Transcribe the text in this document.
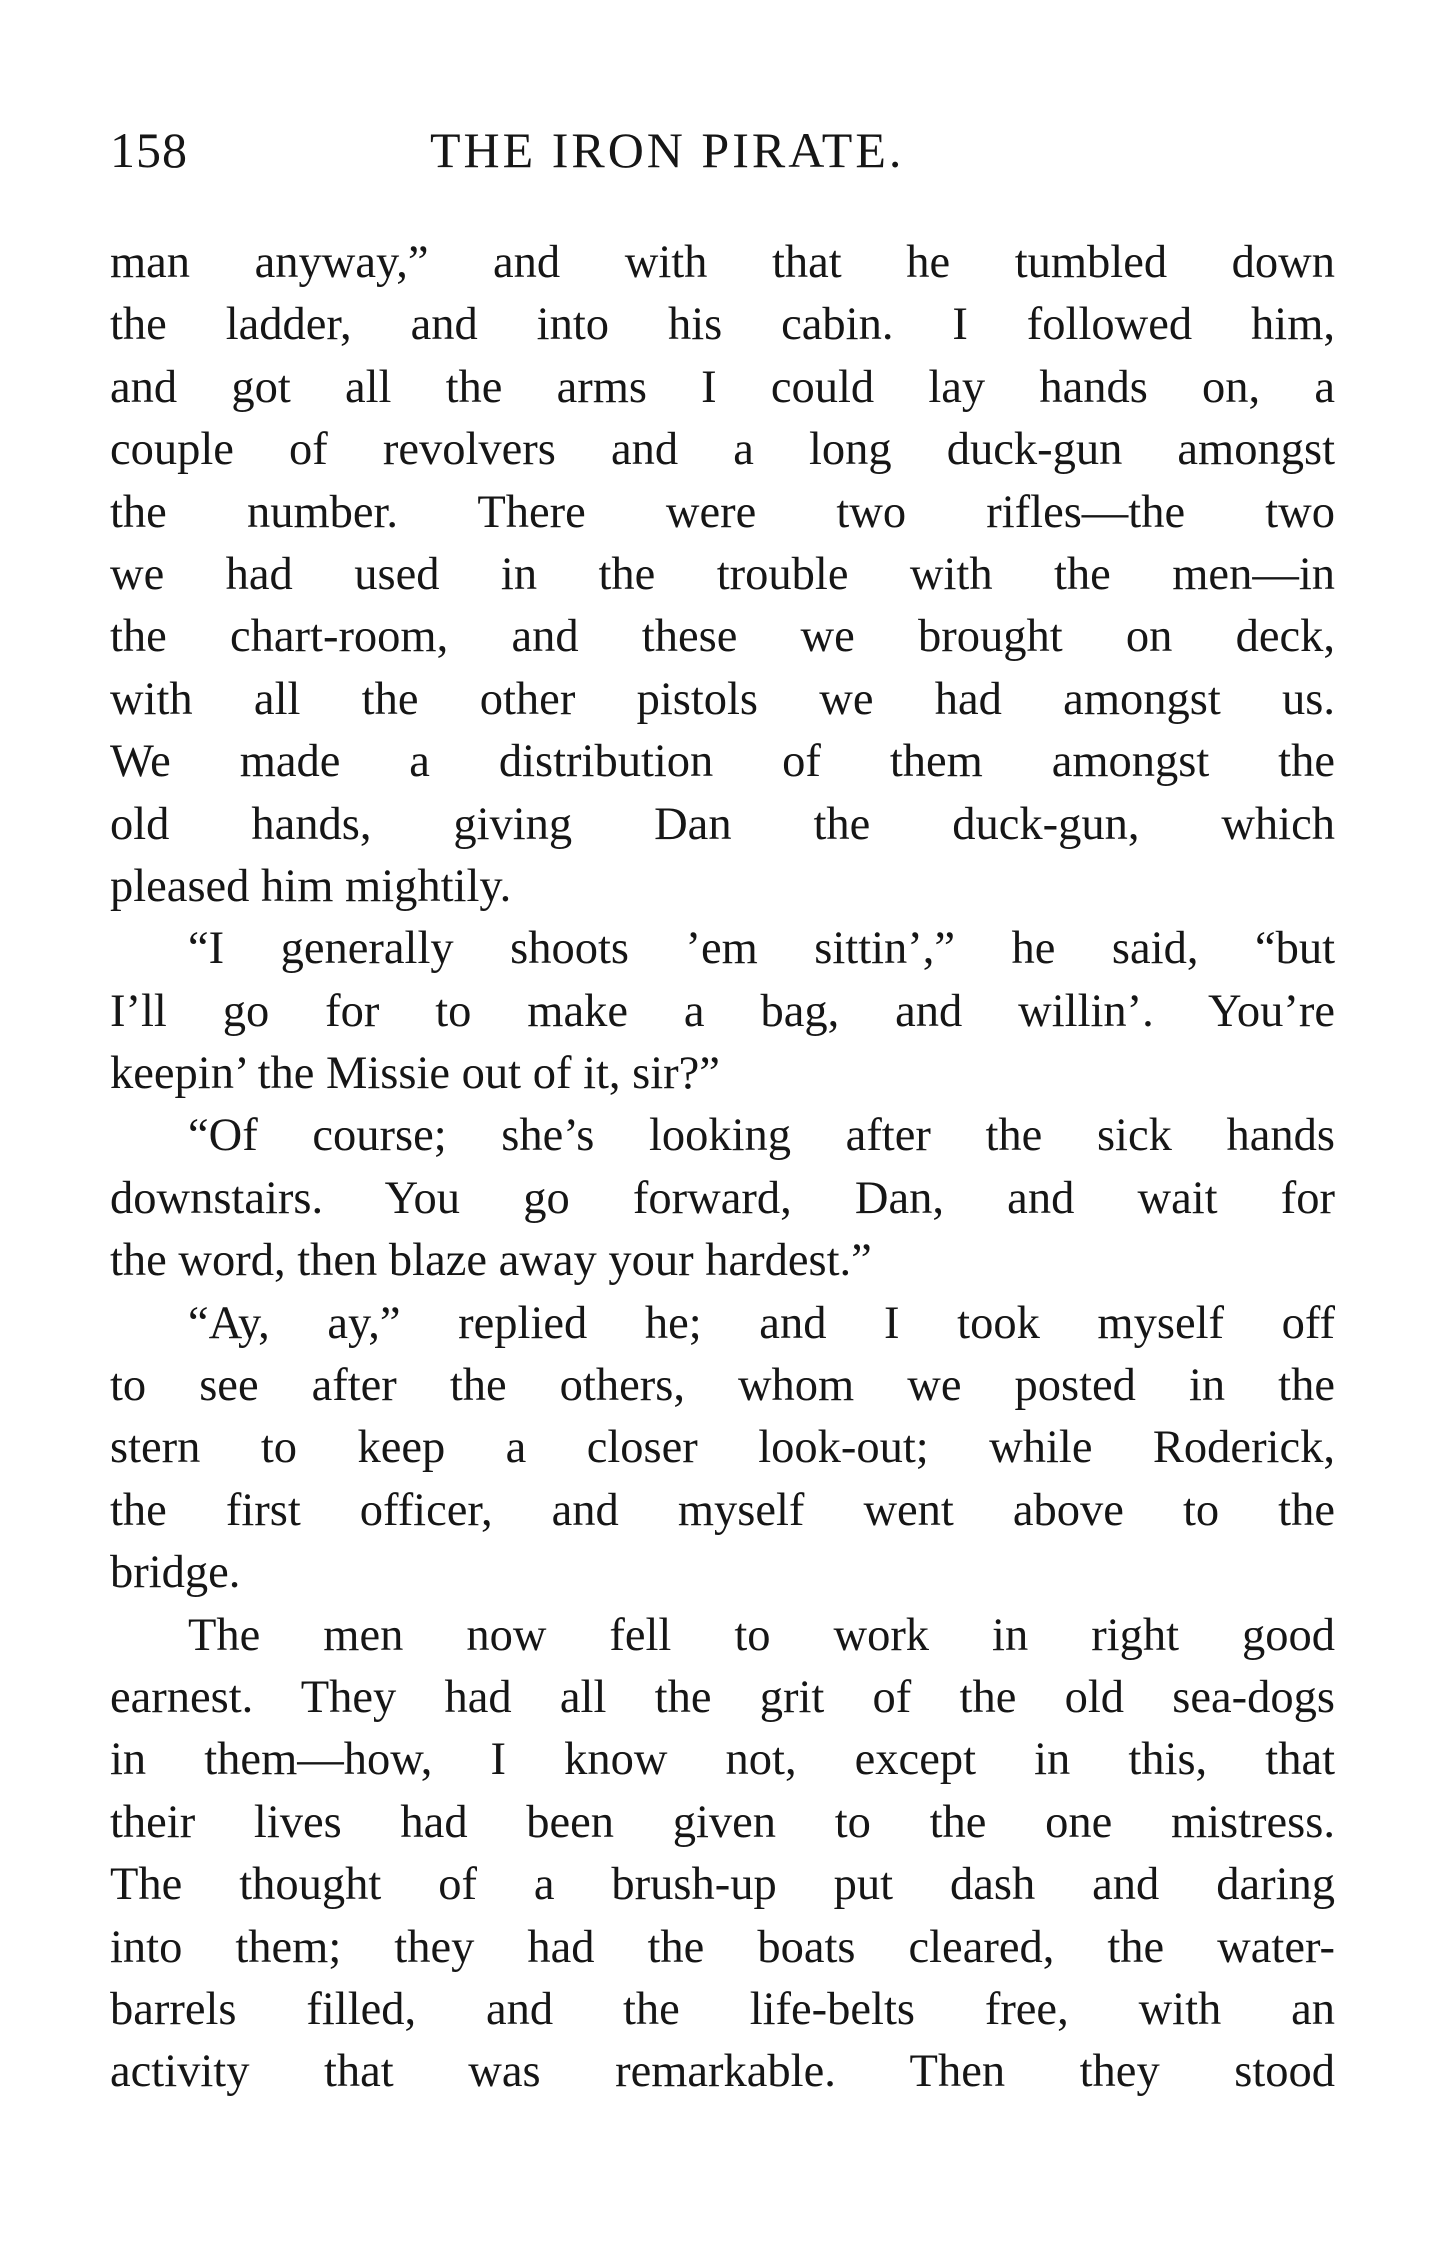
158	THE IRON PIRATE.
man anyway,” and with that he tumbled down
the ladder, and into his cabin. I followed him,
and got all the arms I could lay hands on, a
couple of revolvers and a long duck-gun amongst
the number. There were two rifles—the two
we had used in the trouble with the men—in
the chart-room, and these we brought on deck,
with all the other pistols we had amongst us.
We made a distribution of them amongst the
old hands, giving Dan the duck-gun, which
pleased him mightily.
“I generally shoots ’em sittin’,” he said, “but
I’ll go for to make a bag, and willin’. You’re
keepin’ the Missie out of it, sir?”
“Of course; she’s looking after the sick hands
downstairs. You go forward, Dan, and wait for
the word, then blaze away your hardest.”
“Ay, ay,” replied he; and I took myself off
to see after the others, whom we posted in the
stern to keep a closer look-out; while Roderick,
the first officer, and myself went above to the
bridge.
The men now fell to work in right good
earnest. They had all the grit of the old sea-dogs
in them—how, I know not, except in this, that
their lives had been given to the one mistress.
The thought of a brush-up put dash and daring
into them; they had the boats cleared, the water-
barrels filled, and the life-belts free, with an
activity that was remarkable. Then they stood
